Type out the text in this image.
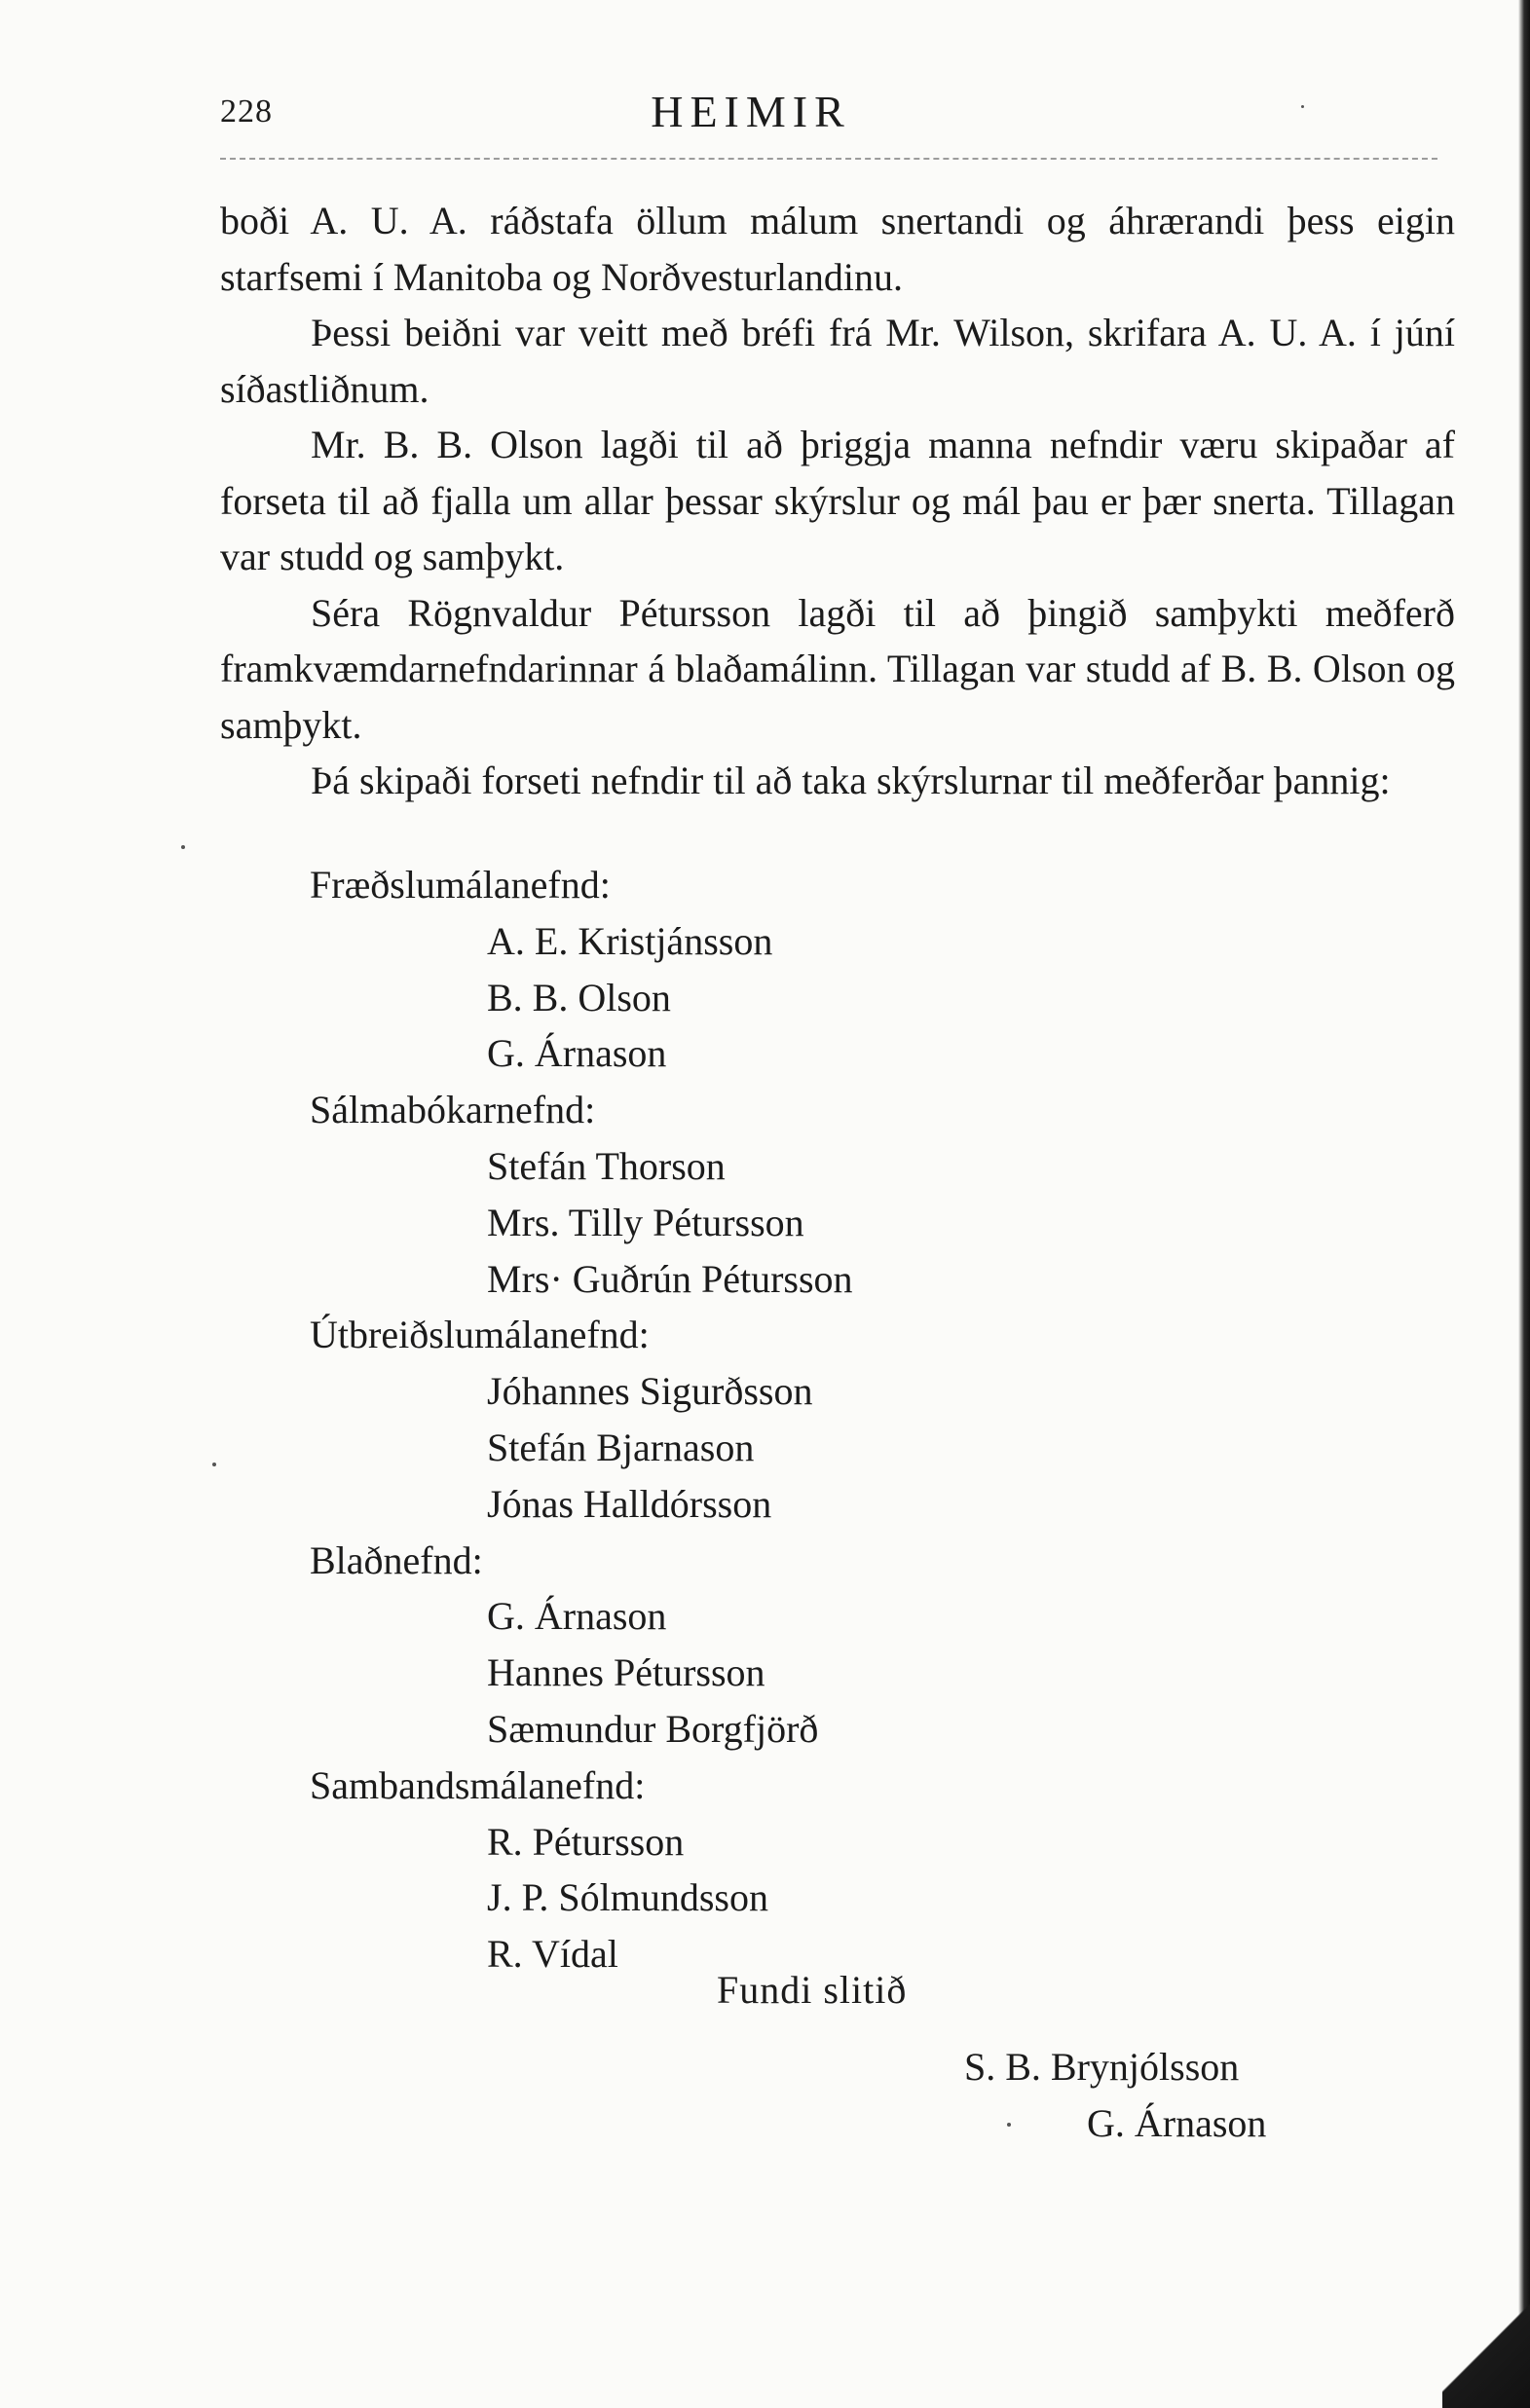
228	HEIMIR

boði A. U. A. ráðstafa öllum málum snertandi og áhrærandi þess eigin starfsemi í Manitoba og Norðvesturlandinu.

Þessi beiðni var veitt með bréfi frá Mr. Wilson, skrifara A. U. A. í júní síðastliðnum.

Mr. B. B. Olson lagði til að þriggja manna nefndir væru skipaðar af forseta til að fjalla um allar þessar skýrslur og mál þau er þær snerta. Tillagan var studd og samþykt.

Séra Rögnvaldur Pétursson lagði til að þingið samþykti meðferð framkvæmdarnefndarinnar á blaðamálinn. Tillagan var studd af B. B. Olson og samþykt.

Þá skipaði forseti nefndir til að taka skýrslurnar til meðferðar þannig:

Fræðslumálanefnd:

A. E. Kristjánsson

B. B. Olson

G. Árnason

Sálmabókarnefnd:

Stefán Thorson

Mrs. Tilly Pétursson

Mrs· Guðrún Pétursson

Útbreiðslumálanefnd:

Jóhannes Sigurðsson

Stefán Bjarnason

Jónas Halldórsson

Blaðnefnd:

G. Árnason

Hannes Pétursson

Sæmundur Borgfjörð

Sambandsmálanefnd:

R. Pétursson

J. P. Sólmundsson

R. Vídal

Fundi slitið

S. B. Brynjólsson

G. Árnason
